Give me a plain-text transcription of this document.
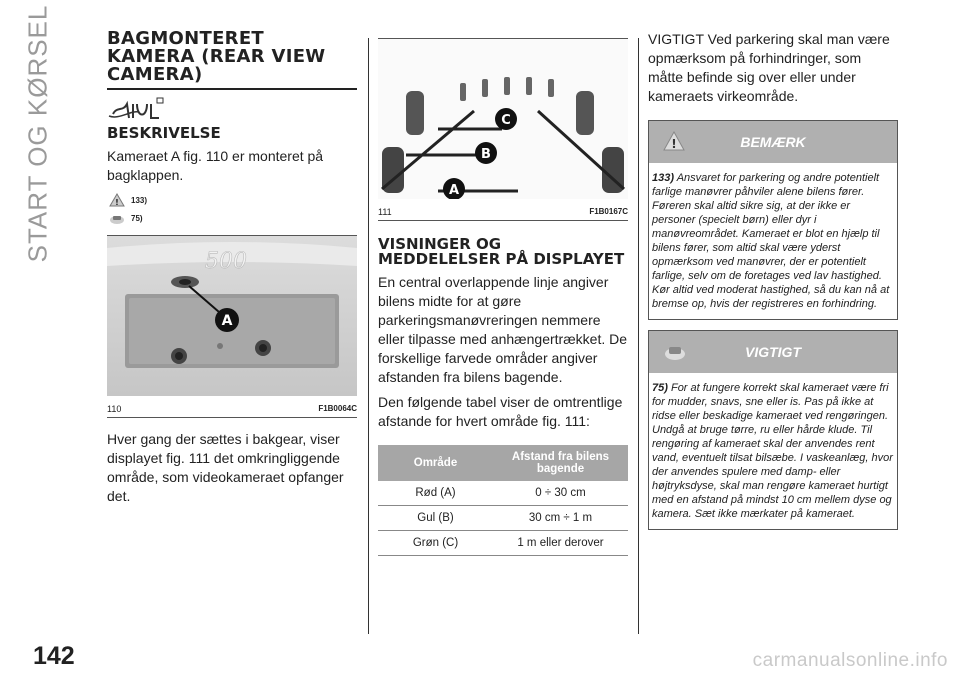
START OG KØRSEL
142	carmanualsonline.info
BAGMONTERET KAMERA (REAR VIEW CAMERA)
BESKRIVELSE

Kameraet A fig. 110 er monteret på bagklappen.

! 133)
75)
500
A
110	F1B0064C

Hver gang der sættes i bakgear, viser displayet fig. 111 det omkringliggende område, som videokameraet opfanger det.

A
B
C
111	F1B0167C
VISNINGER OG MEDDELELSER PÅ DISPLAYET

En central overlappende linje angiver bilens midte for at gøre parkeringsmanøvreringen nemmere eller tilpasse med anhængertrækket. De forskellige farvede områder angiver afstanden fra bilens bagende.

Den følgende tabel viser de omtrentlige afstande for hvert område fig. 111:

Område	Afstand fra bilens bagende
Rød (A)	0 ÷ 30 cm
Gul (B)	30 cm ÷ 1 m
Grøn (C)	1 m eller derover

VIGTIGT Ved parkering skal man være opmærksom på forhindringer, som måtte befinde sig over eller under kameraets virkeområde.

!	BEMÆRK
133) Ansvaret for parkering og andre potentielt farlige manøvrer påhviler alene bilens fører. Føreren skal altid sikre sig, at der ikke er personer (specielt børn) eller dyr i manøvreområdet. Kameraet er blot en hjælp til bilens fører, som altid skal være yderst opmærksom ved manøvrer, der er potentielt farlige, selv om de foretages ved lav hastighed. Kør altid ved moderat hastighed, så du kan nå at bremse op, hvis der registreres en forhindring.
VIGTIGT
75) For at fungere korrekt skal kameraet være fri for mudder, snavs, sne eller is. Pas på ikke at ridse eller beskadige kameraet ved rengøringen. Undgå at bruge tørre, ru eller hårde klude. Til rengøring af kameraet skal der anvendes rent vand, eventuelt tilsat bilsæbe. I vaskeanlæg, hvor der anvendes spulere med damp- eller højtryksdyse, skal man rengøre kameraet hurtigt med en afstand på mindst 10 cm mellem dyse og kamera. Sæt ikke mærkater på kameraet.
